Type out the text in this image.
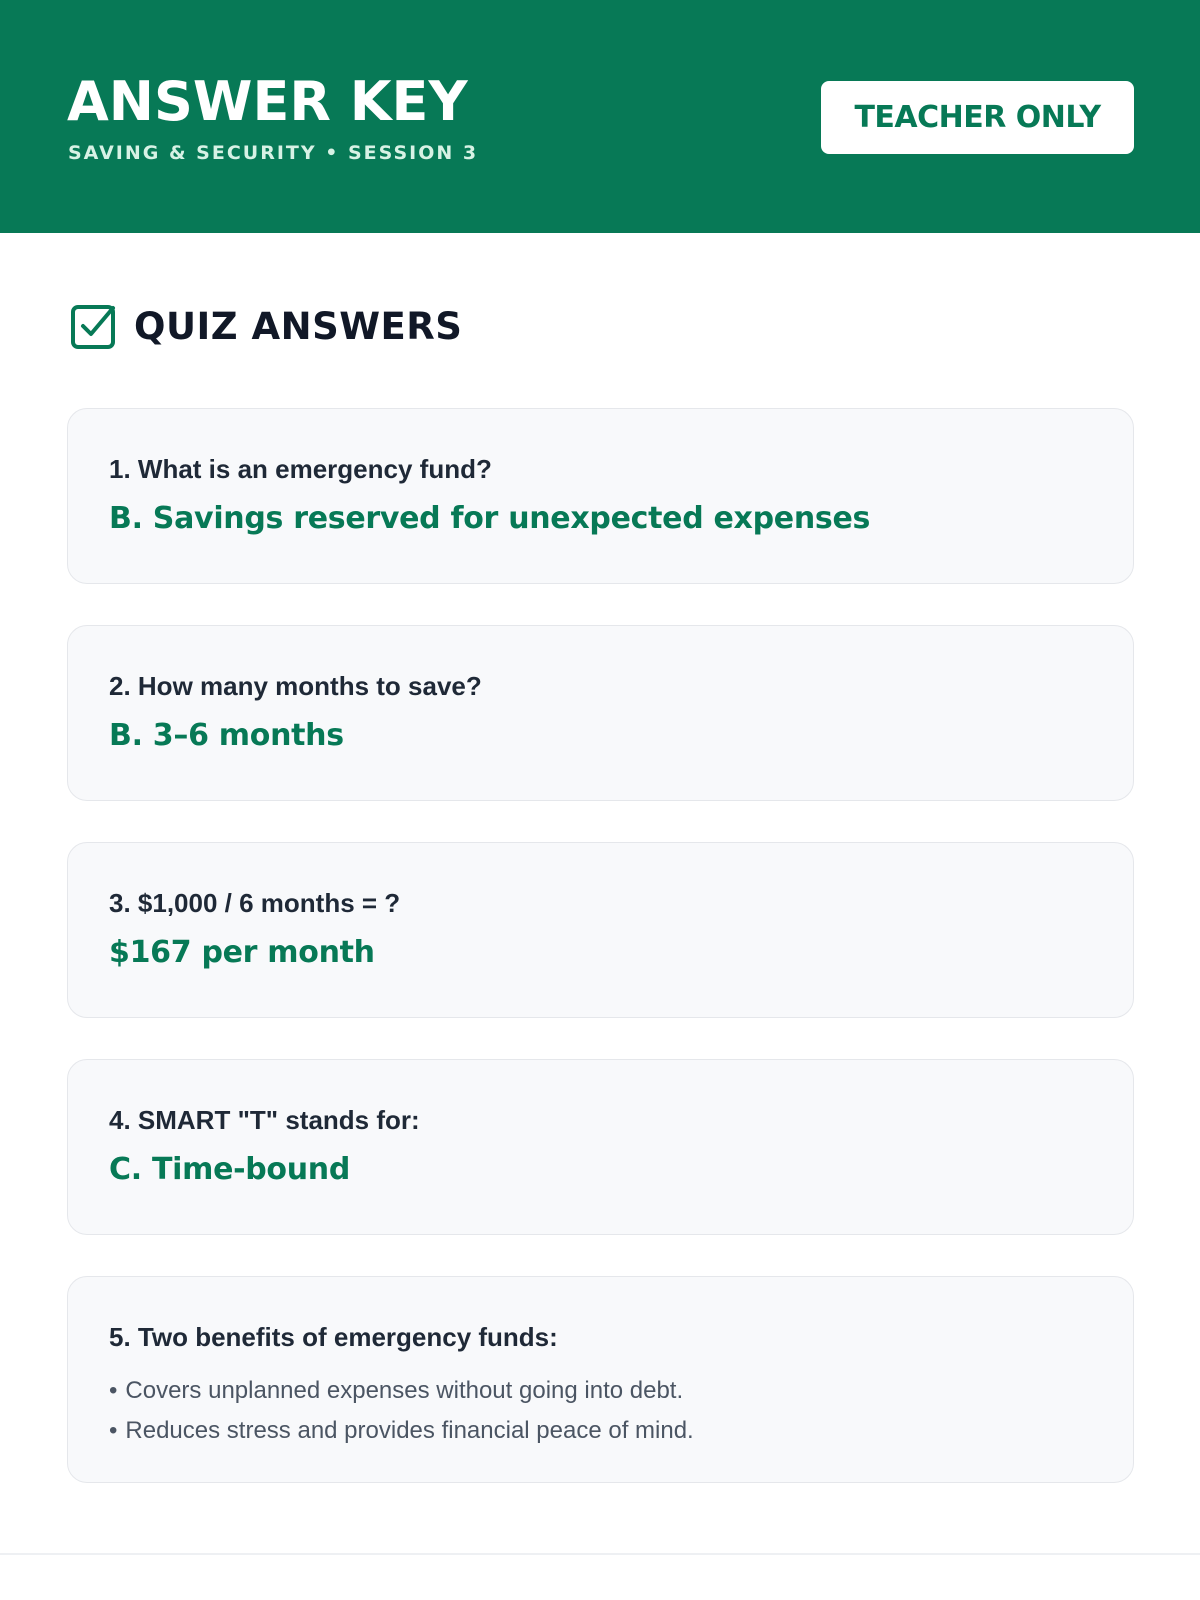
ANSWER KEY
SAVING & SECURITY • SESSION 3
TEACHER ONLY
QUIZ ANSWERS
1. What is an emergency fund?
B. Savings reserved for unexpected expenses
2. How many months to save?
B. 3–6 months
3. $1,000 / 6 months = ?
$167 per month
4. SMART "T" stands for:
C. Time-bound
5. Two benefits of emergency funds:
• Covers unplanned expenses without going into debt.
• Reduces stress and provides financial peace of mind.
